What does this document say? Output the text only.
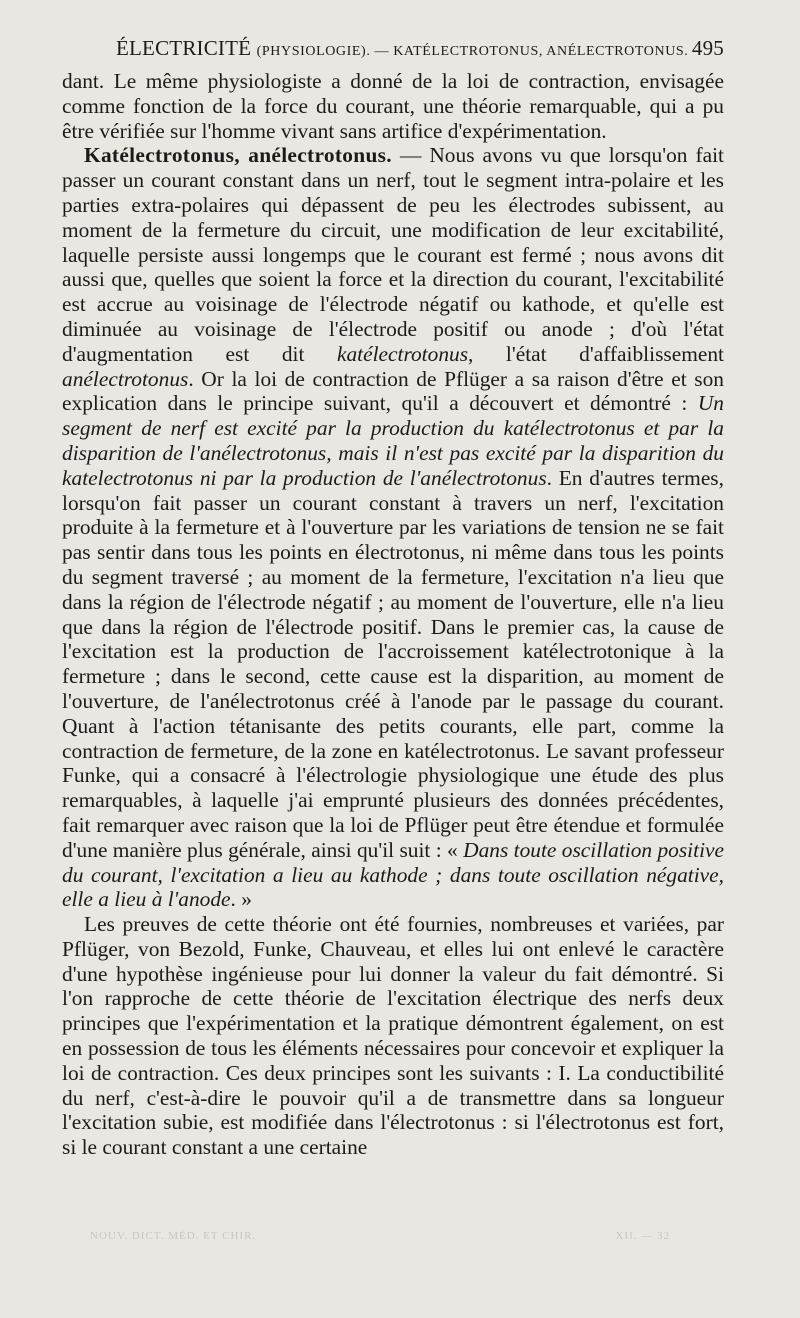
ÉLECTRICITÉ (PHYSIOLOGIE). — KATÉLECTROTONUS, ANÉLECTROTONUS. 495

dant. Le même physiologiste a donné de la loi de contraction, envisagée comme fonction de la force du courant, une théorie remarquable, qui a pu être vérifiée sur l'homme vivant sans artifice d'expérimentation.

Katélectrotonus, anélectrotonus. — Nous avons vu que lorsqu'on fait passer un courant constant dans un nerf, tout le segment intra-polaire et les parties extra-polaires qui dépassent de peu les électrodes subissent, au moment de la fermeture du circuit, une modification de leur excitabilité, laquelle persiste aussi longemps que le courant est fermé ; nous avons dit aussi que, quelles que soient la force et la direction du courant, l'excitabilité est accrue au voisinage de l'électrode négatif ou kathode, et qu'elle est diminuée au voisinage de l'électrode positif ou anode ; d'où l'état d'augmentation est dit katélectrotonus, l'état d'affaiblissement anélectrotonus. Or la loi de contraction de Pflüger a sa raison d'être et son explication dans le principe suivant, qu'il a découvert et démontré : Un segment de nerf est excité par la production du katélectrotonus et par la disparition de l'anélectrotonus, mais il n'est pas excité par la disparition du katelectrotonus ni par la production de l'anélectrotonus. En d'autres termes, lorsqu'on fait passer un courant constant à travers un nerf, l'excitation produite à la fermeture et à l'ouverture par les variations de tension ne se fait pas sentir dans tous les points en électrotonus, ni même dans tous les points du segment traversé ; au moment de la fermeture, l'excitation n'a lieu que dans la région de l'électrode négatif ; au moment de l'ouverture, elle n'a lieu que dans la région de l'électrode positif. Dans le premier cas, la cause de l'excitation est la production de l'accroissement katélectrotonique à la fermeture ; dans le second, cette cause est la disparition, au moment de l'ouverture, de l'anélectrotonus créé à l'anode par le passage du courant. Quant à l'action tétanisante des petits courants, elle part, comme la contraction de fermeture, de la zone en katélectrotonus. Le savant professeur Funke, qui a consacré à l'électrologie physiologique une étude des plus remarquables, à laquelle j'ai emprunté plusieurs des données précédentes, fait remarquer avec raison que la loi de Pflüger peut être étendue et formulée d'une manière plus générale, ainsi qu'il suit : « Dans toute oscillation positive du courant, l'excitation a lieu au kathode ; dans toute oscillation négative, elle a lieu à l'anode. »

Les preuves de cette théorie ont été fournies, nombreuses et variées, par Pflüger, von Bezold, Funke, Chauveau, et elles lui ont enlevé le caractère d'une hypothèse ingénieuse pour lui donner la valeur du fait démontré. Si l'on rapproche de cette théorie de l'excitation électrique des nerfs deux principes que l'expérimentation et la pratique démontrent également, on est en possession de tous les éléments nécessaires pour concevoir et expliquer la loi de contraction. Ces deux principes sont les suivants : I. La conductibilité du nerf, c'est-à-dire le pouvoir qu'il a de transmettre dans sa longueur l'excitation subie, est modifiée dans l'électrotonus : si l'électrotonus est fort, si le courant constant a une certaine

NOUV. DICT. MÉD. ET CHIR.	XII. — 32
